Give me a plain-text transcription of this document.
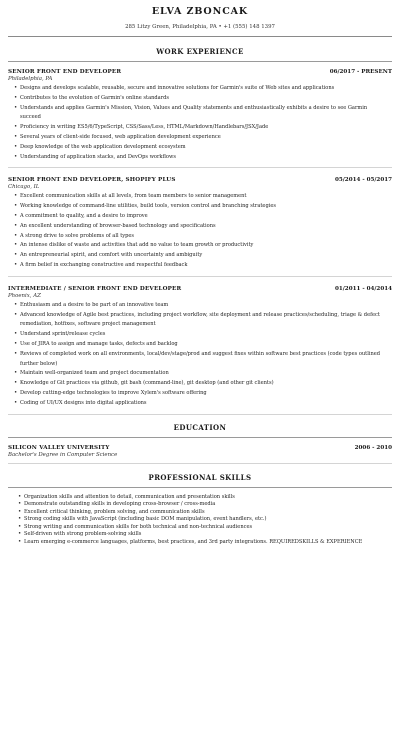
ELVA ZBONCAK
285 Litzy Green, Philadelphia, PA • +1 (555) 148 1397
WORK EXPERIENCE
SENIOR FRONT END DEVELOPER	06/2017 - PRESENT
Philadelphia, PA
• Designs and develops scalable, reusable, secure and innovative solutions for Garmin's suite of Web sites and applications
• Contributes to the evolution of Garmin's online standards
• Understands and applies Garmin's Mission, Vision, Values and Quality statements and enthusiastically exhibits a desire to see Garmin succeed
• Proficiency in writing ES5/6/TypeScript, CSS/Sass/Less, HTML/Markdown/Handlebars/JSX/Jade
• Several years of client-side focused, web application development experience
• Deep knowledge of the web application development ecosystem
• Understanding of application stacks, and DevOps workflows
SENIOR FRONT END DEVELOPER, SHOPIFY PLUS	05/2014 - 05/2017
Chicago, IL
• Excellent communication skills at all levels, from team members to senior management
• Working knowledge of command-line utilities, build tools, version control and branching strategies
• A commitment to quality, and a desire to improve
• An excellent understanding of browser-based technology and specifications
• A strong drive to solve problems of all types
• An intense dislike of waste and activities that add no value to team growth or productivity
• An entrepreneurial spirit, and comfort with uncertainty and ambiguity
• A firm belief in exchanging constructive and respectful feedback
INTERMEDIATE / SENIOR FRONT END DEVELOPER	01/2011 - 04/2014
Phoenix, AZ
• Enthusiasm and a desire to be part of an innovative team
• Advanced knowledge of Agile best practices, including project workflow, site deployment and release practices/scheduling, triage & defect remediation, hotfixes, software project management
• Understand sprint/release cycles
• Use of JIRA to assign and manage tasks, defects and backlog
• Reviews of completed work on all environments, local/dev/stage/prod and suggest fixes within software best practices (code types outlined further below)
• Maintain well-organized team and project documentation
• Knowledge of Git practices via github, git bash (command-line), git desktop (and other git clients)
• Develop cutting-edge technologies to improve Xylem's software offering
• Coding of UI/UX designs into digital applications
EDUCATION
SILICON VALLEY UNIVERSITY	2006 - 2010
Bachelor's Degree in Computer Science
PROFESSIONAL SKILLS
• Organization skills and attention to detail, communication and presentation skills
• Demonstrate outstanding skills in developing cross-browser / cross-media
• Excellent critical thinking, problem solving, and communication skills
• Strong coding skills with JavaScript (including basic DOM manipulation, event handlers, etc.)
• Strong writing and communication skills for both technical and non-technical audiences
• Self-driven with strong problem-solving skills
• Learn emerging e-commerce languages, platforms, best practices, and 3rd party integrations. REQUIREDSKILLS & EXPERIENCE
